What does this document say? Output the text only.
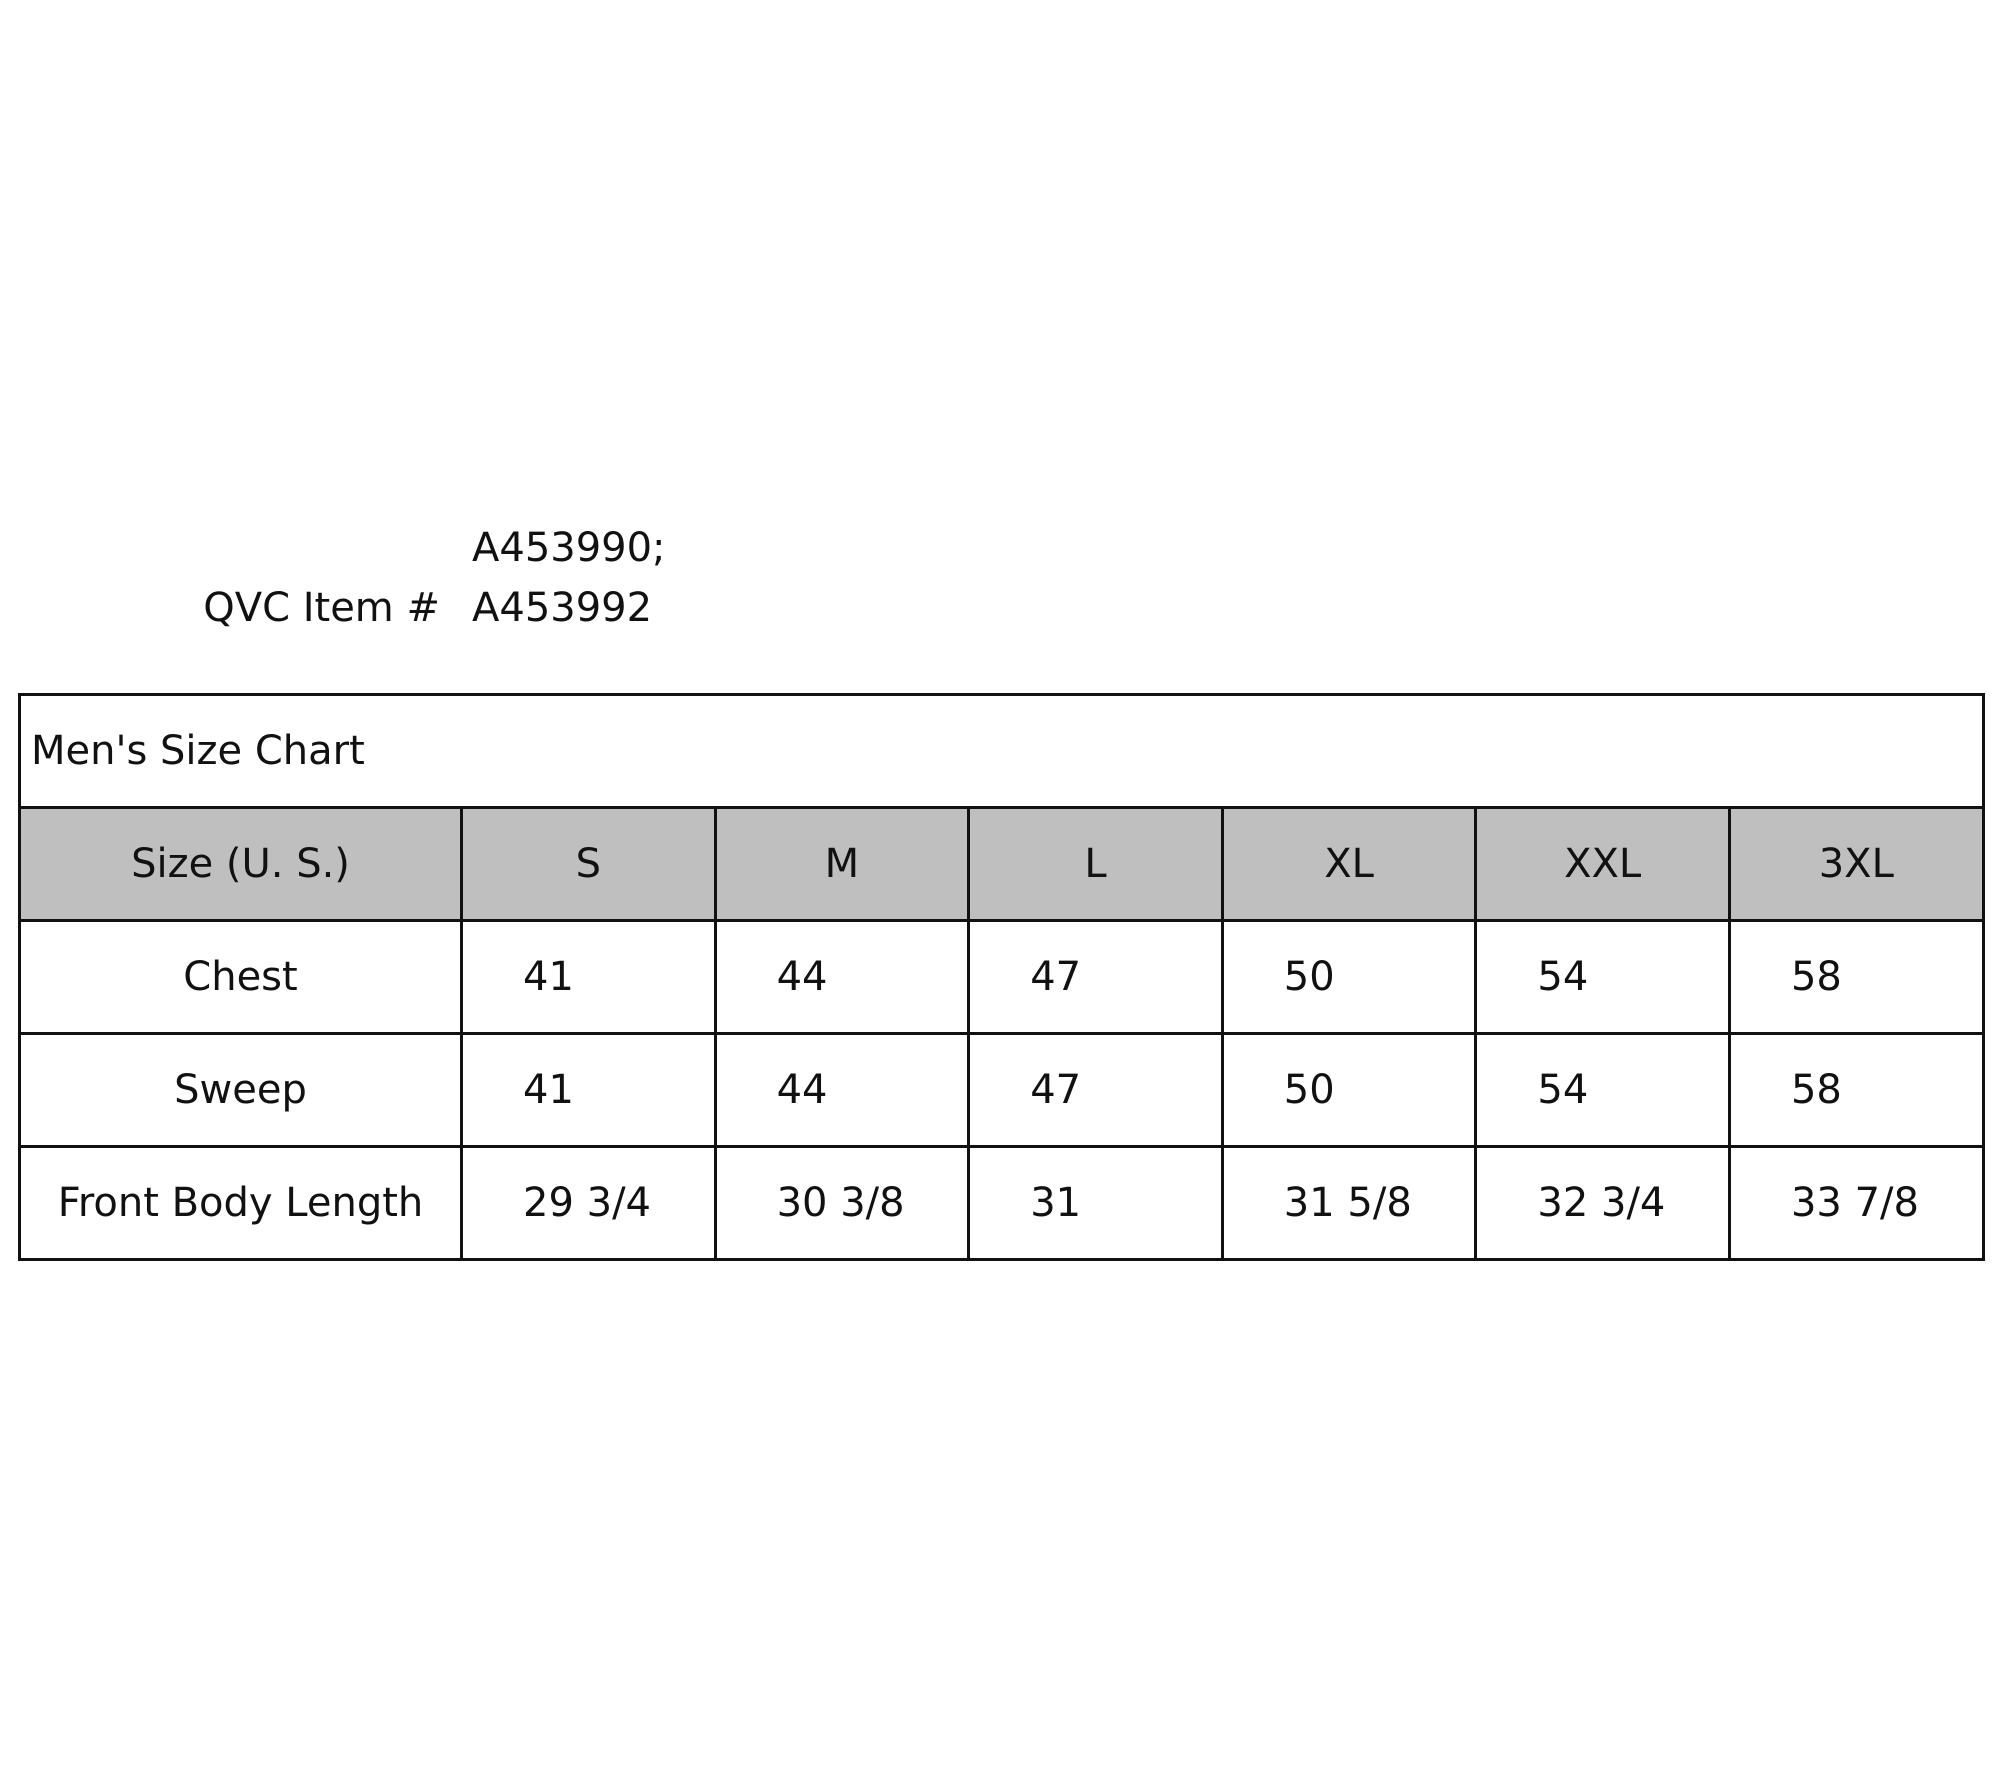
QVC Item #
A453990;
A453992
Men's Size Chart						
Size (U. S.)	S	M	L	XL	XXL	3XL
Chest	41	44	47	50	54	58
Sweep	41	44	47	50	54	58
Front Body Length	29 3/4	30 3/8	31	31 5/8	32 3/4	33 7/8
